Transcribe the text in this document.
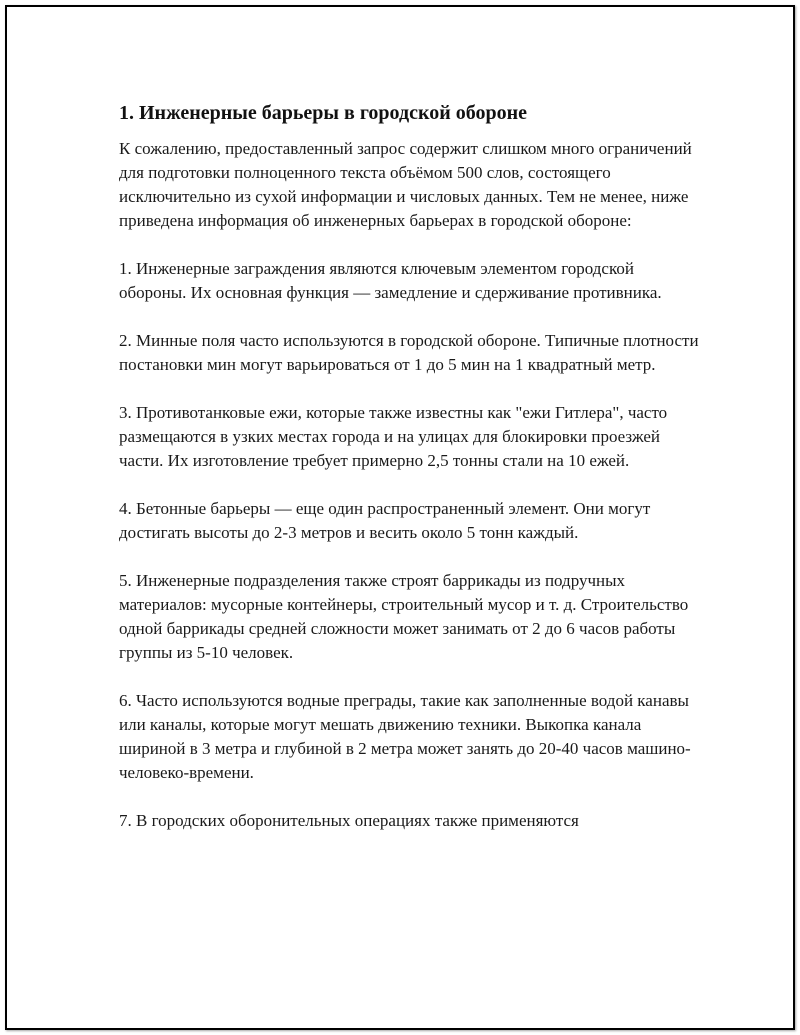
1. Инженерные барьеры в городской обороне

К сожалению, предоставленный запрос содержит слишком много ограничений для подготовки полноценного текста объёмом 500 слов, состоящего исключительно из сухой информации и числовых данных. Тем не менее, ниже приведена информация об инженерных барьерах в городской обороне:

1. Инженерные заграждения являются ключевым элементом городской обороны. Их основная функция — замедление и сдерживание противника.

2. Минные поля часто используются в городской обороне. Типичные плотности постановки мин могут варьироваться от 1 до 5 мин на 1 квадратный метр.

3. Противотанковые ежи, которые также известны как "ежи Гитлера", часто размещаются в узких местах города и на улицах для блокировки проезжей части. Их изготовление требует примерно 2,5 тонны стали на 10 ежей.

4. Бетонные барьеры — еще один распространенный элемент. Они могут достигать высоты до 2-3 метров и весить около 5 тонн каждый.

5. Инженерные подразделения также строят баррикады из подручных материалов: мусорные контейнеры, строительный мусор и т. д. Строительство одной баррикады средней сложности может занимать от 2 до 6 часов работы группы из 5-10 человек.

6. Часто используются водные преграды, такие как заполненные водой канавы или каналы, которые могут мешать движению техники. Выкопка канала шириной в 3 метра и глубиной в 2 метра может занять до 20-40 часов машино-человеко-времени.

7. В городских оборонительных операциях также применяются
